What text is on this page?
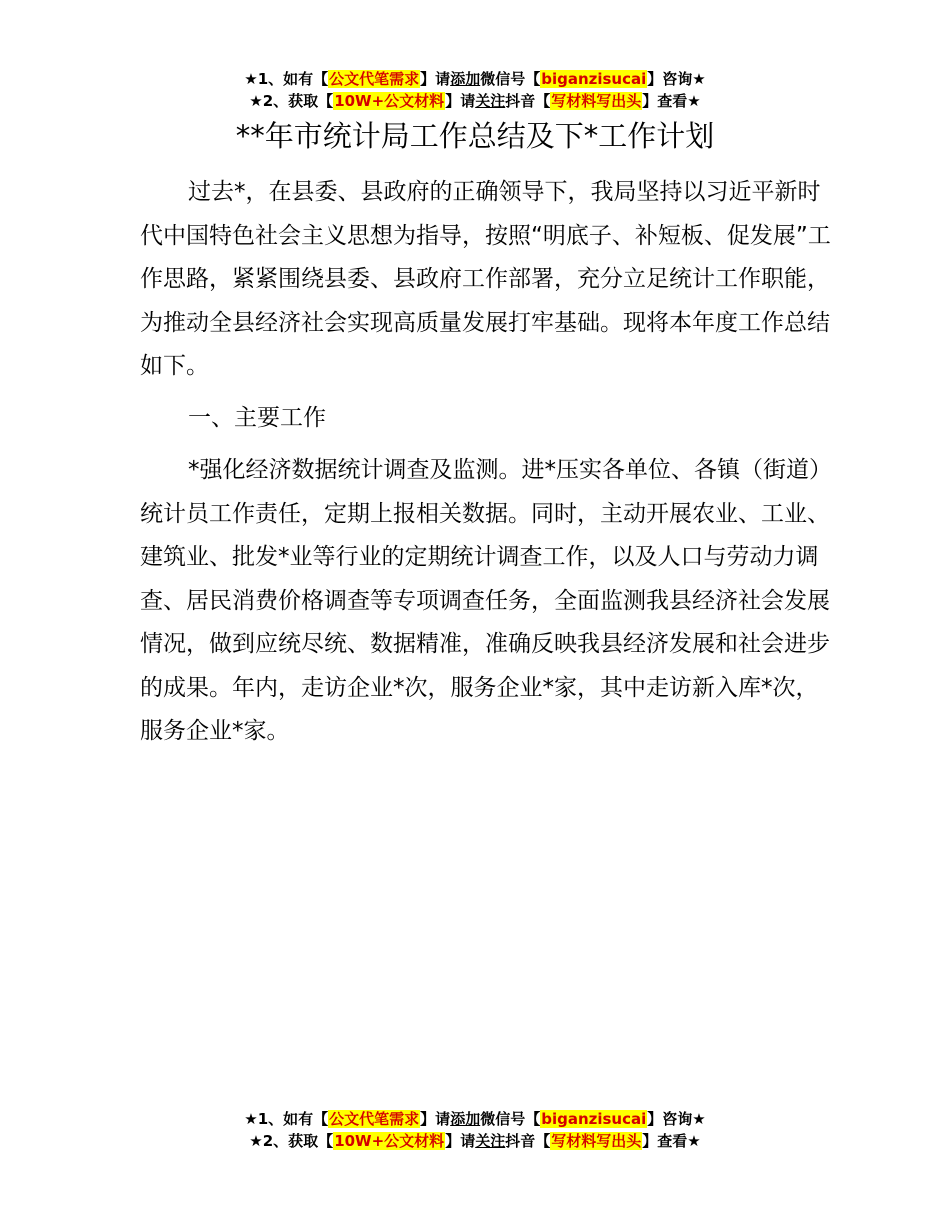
★1、如有【公文代笔需求】请添加微信号【biganzisucai】咨询★
★2、获取【10W+公文材料】请关注抖音【写材料写出头】查看★
**年市统计局工作总结及下*工作计划

过去*，在县委、县政府的正确领导下，我局坚持以习近平新时代中国特色社会主义思想为指导，按照“明底子、补短板、促发展”工作思路，紧紧围绕县委、县政府工作部署，充分立足统计工作职能，为推动全县经济社会实现高质量发展打牢基础。现将本年度工作总结如下。

一、主要工作

*强化经济数据统计调查及监测。进*压实各单位、各镇（街道）统计员工作责任，定期上报相关数据。同时，主动开展农业、工业、建筑业、批发*业等行业的定期统计调查工作，以及人口与劳动力调查、居民消费价格调查等专项调查任务，全面监测我县经济社会发展情况，做到应统尽统、数据精准，准确反映我县经济发展和社会进步的成果。年内，走访企业*次，服务企业*家，其中走访新入库*次，服务企业*家。

★1、如有【公文代笔需求】请添加微信号【biganzisucai】咨询★
★2、获取【10W+公文材料】请关注抖音【写材料写出头】查看★
